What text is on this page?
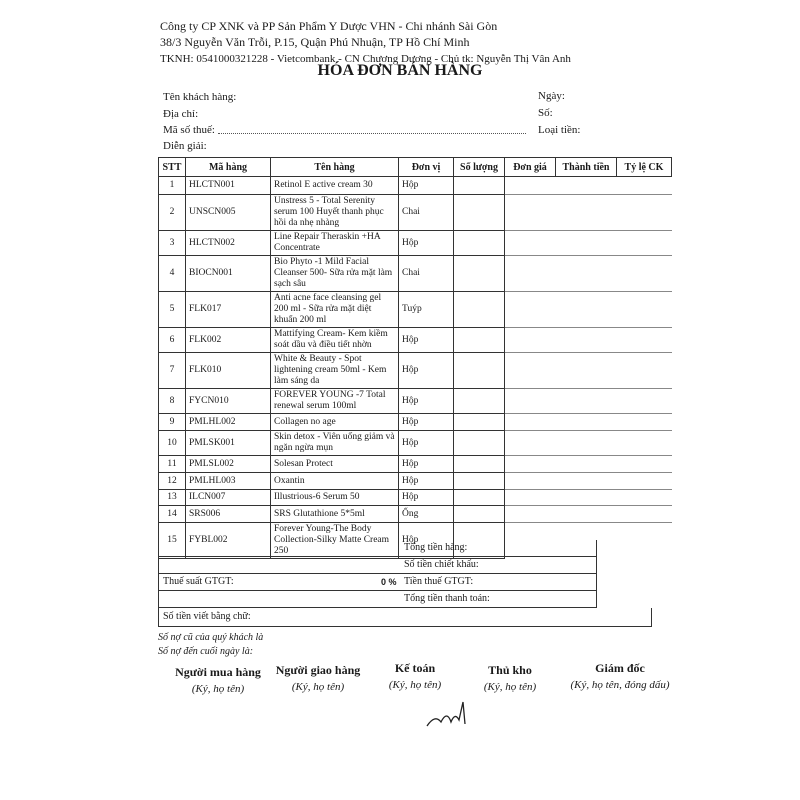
Công ty CP XNK và PP Sản Phẩm Y Dược VHN - Chi nhánh Sài Gòn
38/3 Nguyễn Văn Trỗi, P.15, Quận Phú Nhuận, TP Hồ Chí Minh
TKNH: 0541000321228 - Vietcombank - CN Chương Dương - Chủ tk: Nguyễn Thị Vân Anh
HÓA ĐƠN BÁN HÀNG
Tên khách hàng:
Địa chỉ:
Mã số thuế:
Diễn giải:
Ngày:
Số:
Loại tiền:
STT	Mã hàng	Tên hàng	Đơn vị	Số lượng	Đơn giá	Thành tiền	Tỷ lệ CK
1	HLCTN001	Retinol E active cream 30	Hộp				
2	UNSCN005	Unstress 5 - Total Serenity serum 100 Huyết thanh phục hồi da nhẹ nhàng	Chai				
3	HLCTN002	Line Repair Theraskin +HA Concentrate	Hộp				
4	BIOCN001	Bio Phyto -1 Mild Facial Cleanser 500- Sữa rửa mặt làm sạch sâu	Chai				
5	FLK017	Anti acne face cleansing gel 200 ml - Sữa rửa mặt diệt khuẩn 200 ml	Tuýp				
6	FLK002	Mattifying Cream- Kem kiềm soát dầu và điều tiết nhờn	Hộp				
7	FLK010	White & Beauty - Spot lightening cream 50ml - Kem làm sáng da	Hộp				
8	FYCN010	FOREVER YOUNG -7 Total renewal serum 100ml	Hộp				
9	PMLHL002	Collagen no age	Hộp				
10	PMLSK001	Skin detox - Viên uống giảm và ngăn ngừa mụn	Hộp				
11	PMLSL002	Solesan Protect	Hộp				
12	PMLHL003	Oxantin	Hộp				
13	ILCN007	Illustrious-6 Serum 50	Hộp				
14	SRS006	SRS Glutathione 5*5ml	Ống				
15	FYBL002	Forever Young-The Body Collection-Silky Matte Cream 250	Hộp				
Tổng tiền hàng:
Số tiền chiết khấu:
Thuế suất GTGT:	0 % Tiền thuế GTGT:
Tổng tiền thanh toán:
Số tiền viết bằng chữ:
Số nợ cũ của quý khách là
Số nợ đến cuối ngày là:
Người mua hàng
(Ký, họ tên)
Người giao hàng
(Ký, họ tên)
Kế toán
(Ký, họ tên)
Thủ kho
(Ký, họ tên)
Giám đốc
(Ký, họ tên, đóng dấu)
